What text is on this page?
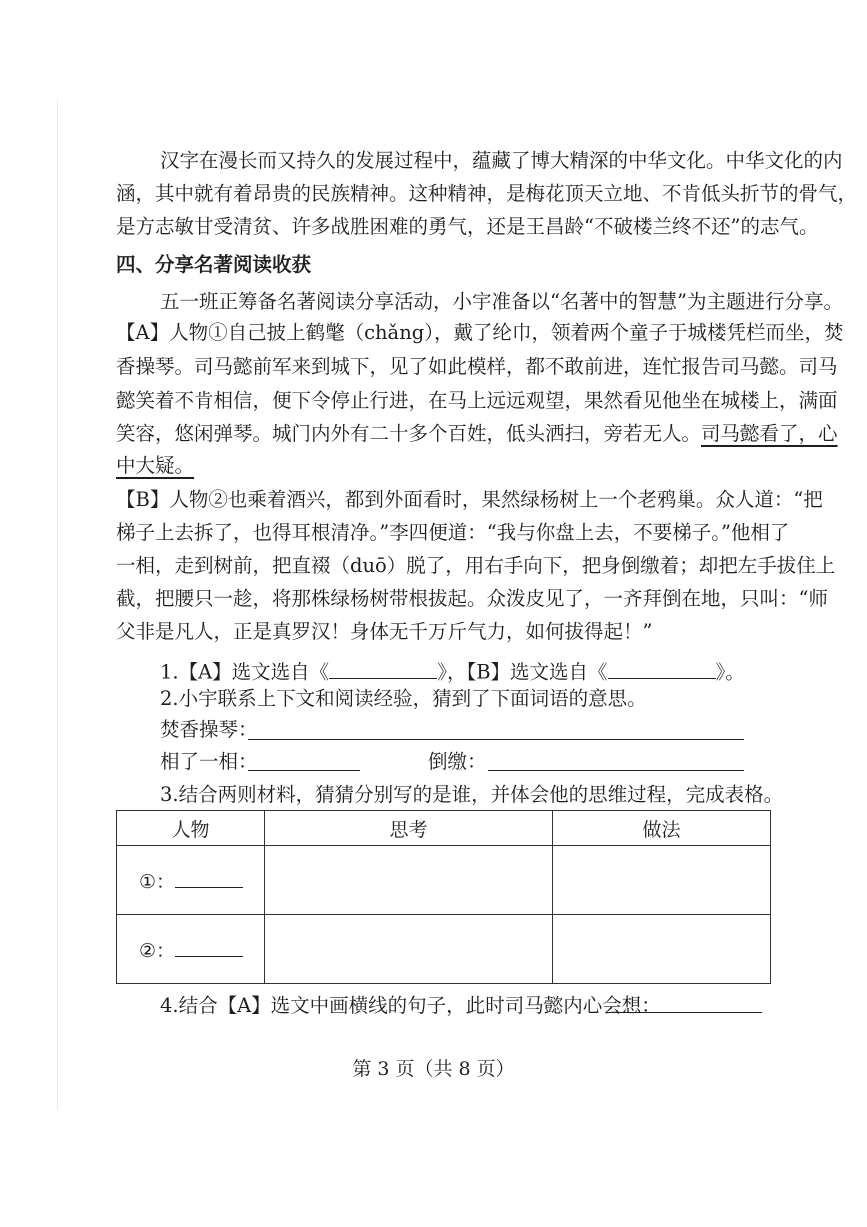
汉字在漫长而又持久的发展过程中，蕴藏了博大精深的中华文化。中华文化的内
涵，其中就有着昂贵的民族精神。这种精神，是梅花顶天立地、不肯低头折节的骨气，
是方志敏甘受清贫、许多战胜困难的勇气，还是王昌龄“不破楼兰终不还”的志气。
四、分享名著阅读收获
五一班正筹备名著阅读分享活动，小宇准备以“名著中的智慧”为主题进行分享。
【A】人物①自己披上鹤氅（chǎng），戴了纶巾，领着两个童子于城楼凭栏而坐，焚
香操琴。司马懿前军来到城下，见了如此模样，都不敢前进，连忙报告司马懿。司马
懿笑着不肯相信，便下令停止行进，在马上远远观望，果然看见他坐在城楼上，满面
笑容，悠闲弹琴。城门内外有二十多个百姓，低头洒扫，旁若无人。司马懿看了，心
中大疑。
【B】人物②也乘着酒兴，都到外面看时，果然绿杨树上一个老鸦巢。众人道：“把
梯子上去拆了，也得耳根清净。”李四便道：“我与你盘上去，不要梯子。”他相了
一相，走到树前，把直裰（duō）脱了，用右手向下，把身倒缴着；却把左手拔住上
截，把腰只一趁，将那株绿杨树带根拔起。众泼皮见了，一齐拜倒在地，只叫：“师
父非是凡人，正是真罗汉！身体无千万斤气力，如何拔得起！”
1.【A】选文选自《	》，【B】选文选自《	》。
2.小宇联系上下文和阅读经验，猜到了下面词语的意思。
焚香操琴：
相了一相：	倒缴：
3.结合两则材料，猜猜分别写的是谁，并体会他的思维过程，完成表格。
人物	思考	做法
①：		
②：		
4.结合【A】选文中画横线的句子，此时司马懿内心会想：
第 3 页（共 8 页）
